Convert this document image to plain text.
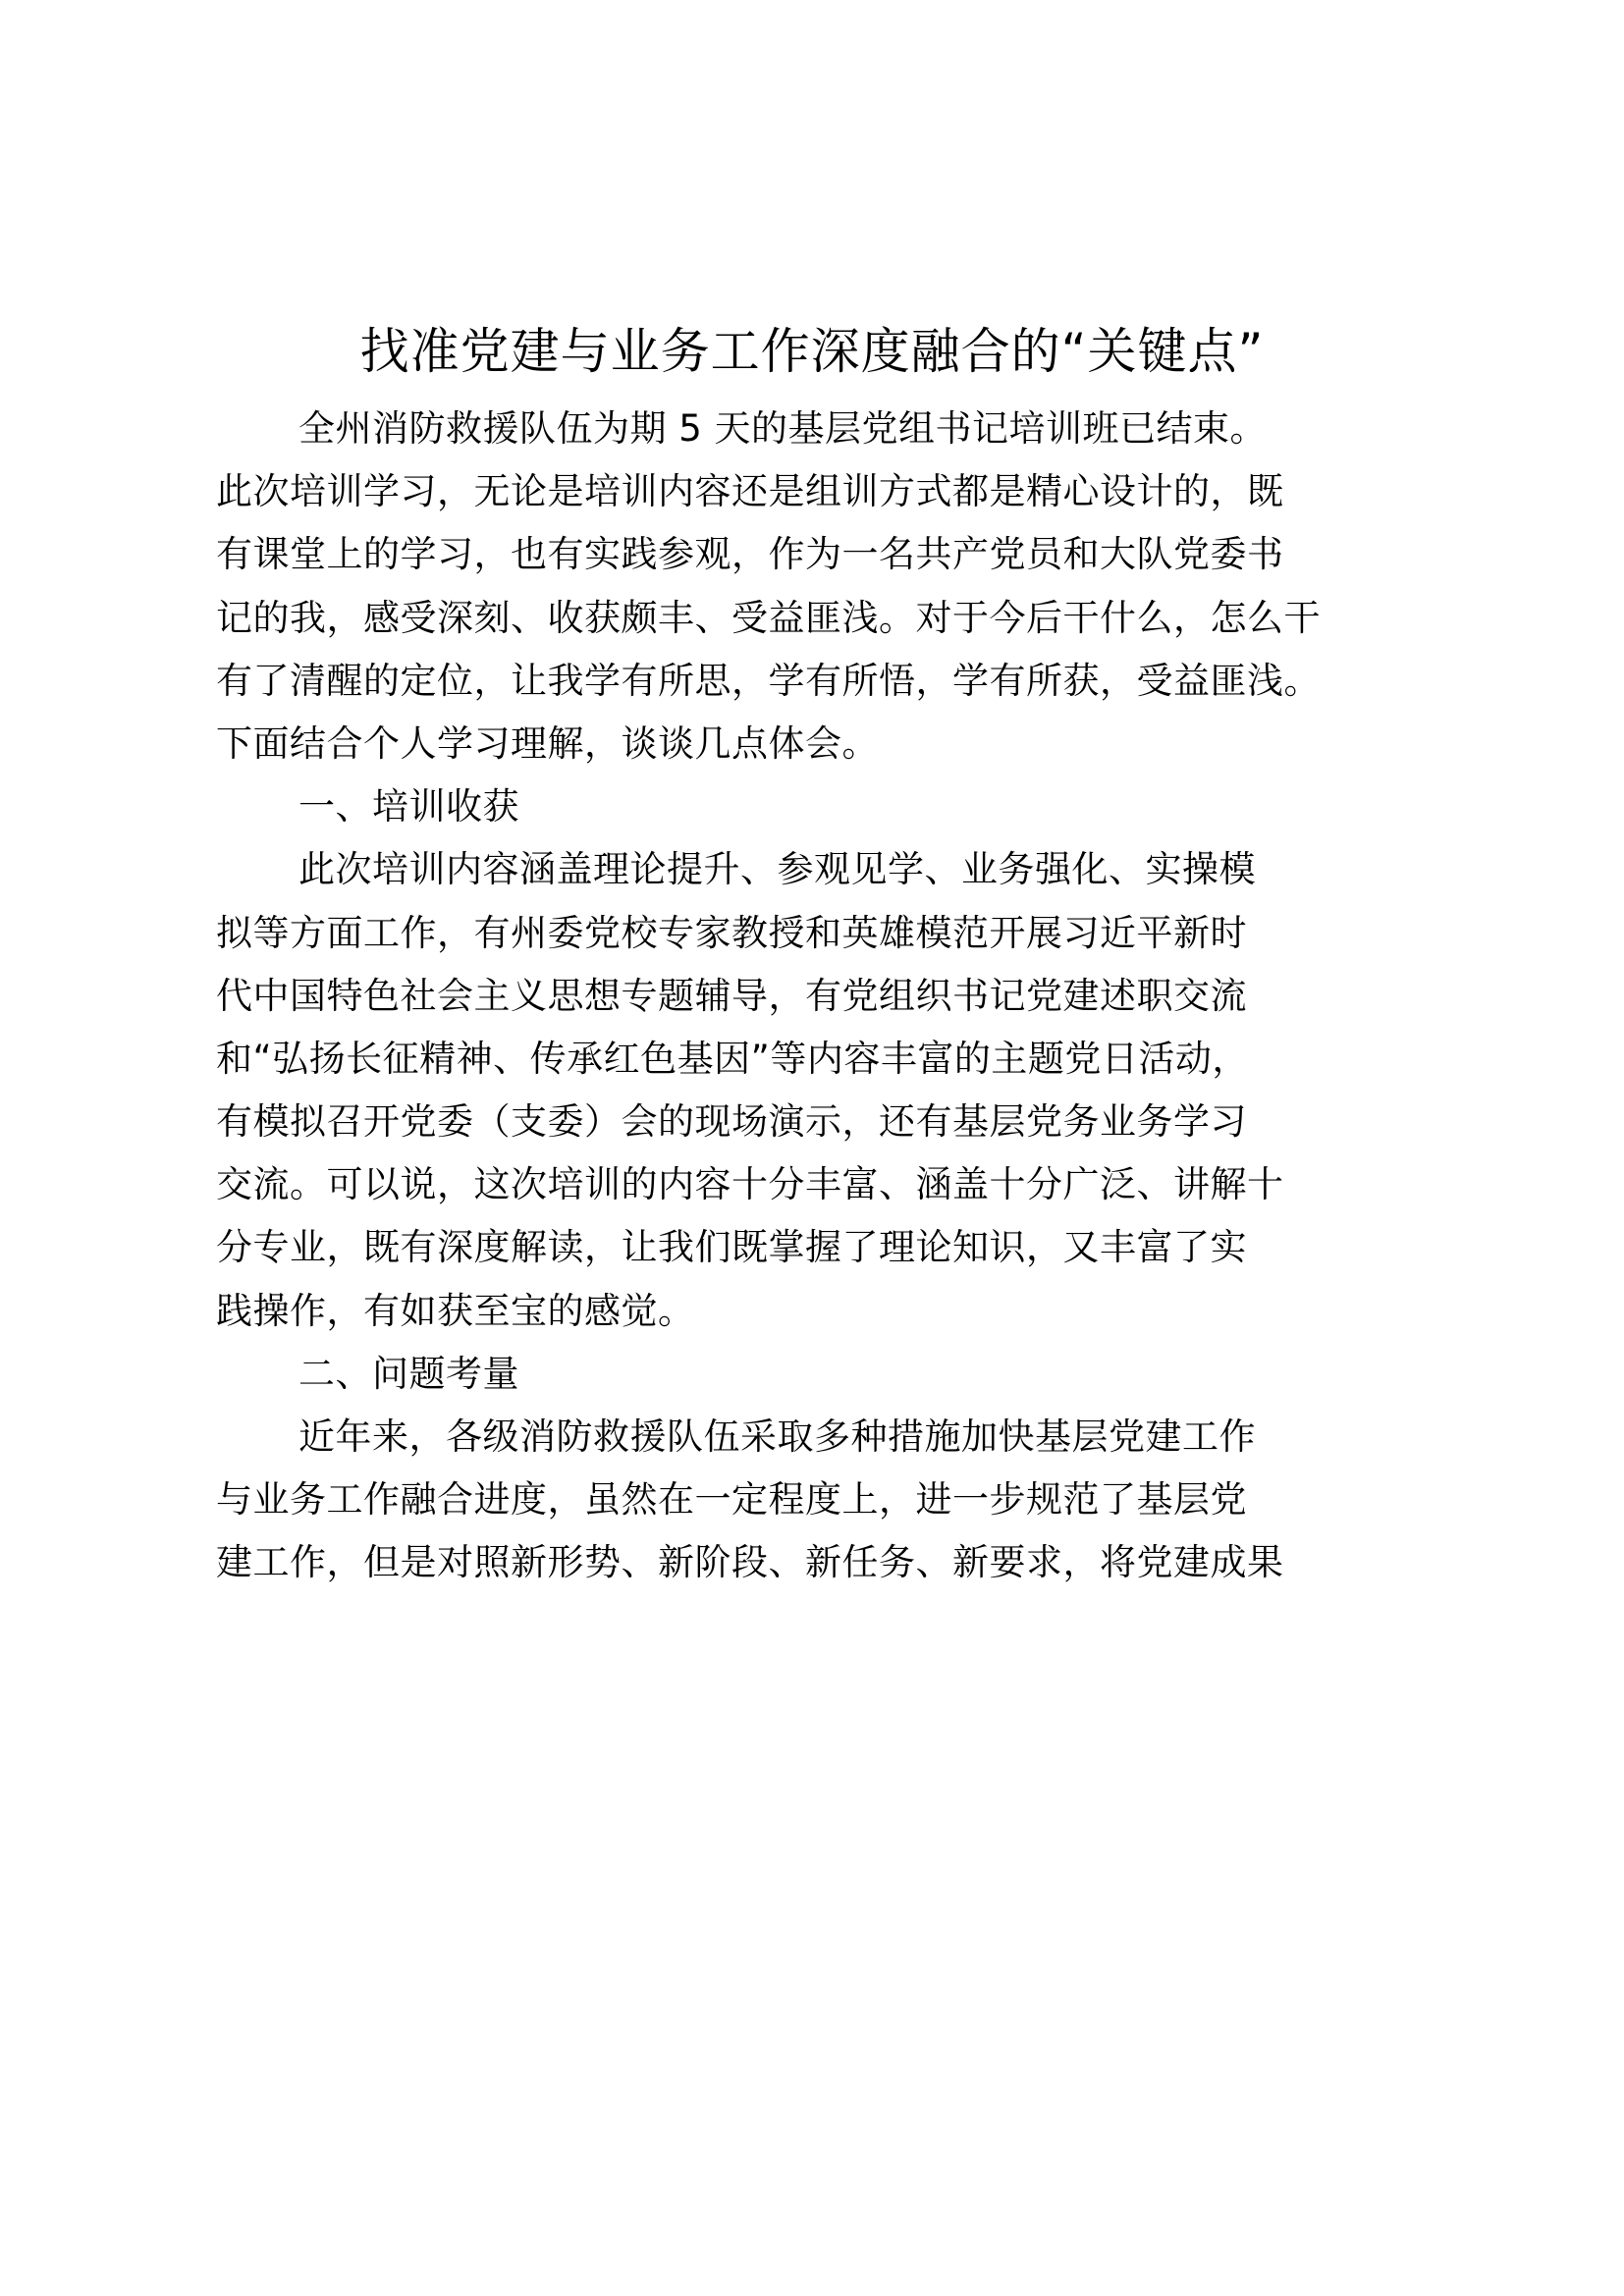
找准党建与业务工作深度融合的“关键点”
全州消防救援队伍为期 5 天的基层党组书记培训班已结束。
此次培训学习，无论是培训内容还是组训方式都是精心设计的，既
有课堂上的学习，也有实践参观，作为一名共产党员和大队党委书
记的我，感受深刻、收获颇丰、受益匪浅。对于今后干什么，怎么干
有了清醒的定位，让我学有所思，学有所悟，学有所获，受益匪浅。
下面结合个人学习理解，谈谈几点体会。
一、培训收获
此次培训内容涵盖理论提升、参观见学、业务强化、实操模
拟等方面工作，有州委党校专家教授和英雄模范开展习近平新时
代中国特色社会主义思想专题辅导，有党组织书记党建述职交流
和“弘扬长征精神、传承红色基因”等内容丰富的主题党日活动，
有模拟召开党委（支委）会的现场演示，还有基层党务业务学习
交流。可以说，这次培训的内容十分丰富、涵盖十分广泛、讲解十
分专业，既有深度解读，让我们既掌握了理论知识，又丰富了实
践操作，有如获至宝的感觉。
二、问题考量
近年来，各级消防救援队伍采取多种措施加快基层党建工作
与业务工作融合进度，虽然在一定程度上，进一步规范了基层党
建工作，但是对照新形势、新阶段、新任务、新要求，将党建成果
